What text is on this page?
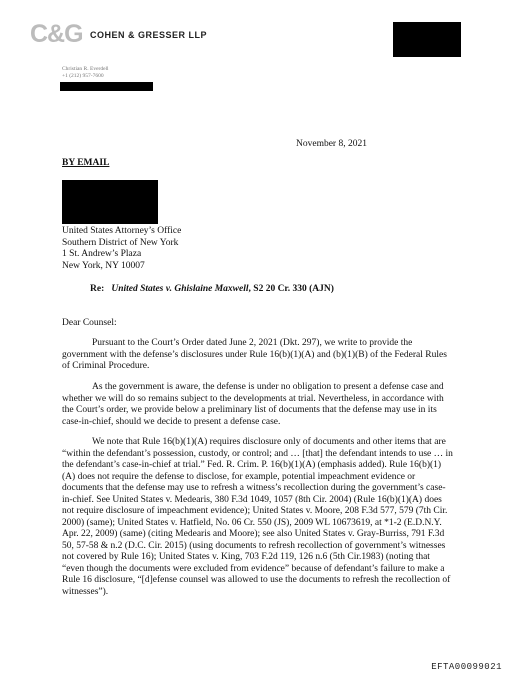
C&G COHEN & GRESSER LLP
Christian R. Everdell
+1 (212) 957-7600
November 8, 2021
BY EMAIL
United States Attorney’s Office
Southern District of New York
1 St. Andrew’s Plaza
New York, NY 10007
Re: United States v. Ghislaine Maxwell, S2 20 Cr. 330 (AJN)
Dear Counsel:
Pursuant to the Court’s Order dated June 2, 2021 (Dkt. 297), we write to provide the government with the defense’s disclosures under Rule 16(b)(1)(A) and (b)(1)(B) of the Federal Rules of Criminal Procedure.
As the government is aware, the defense is under no obligation to present a defense case and whether we will do so remains subject to the developments at trial. Nevertheless, in accordance with the Court’s order, we provide below a preliminary list of documents that the defense may use in its case-in-chief, should we decide to present a defense case.
We note that Rule 16(b)(1)(A) requires disclosure only of documents and other items that are “within the defendant’s possession, custody, or control; and … [that] the defendant intends to use … in the defendant’s case-in-chief at trial.” Fed. R. Crim. P. 16(b)(1)(A) (emphasis added). Rule 16(b)(1)(A) does not require the defense to disclose, for example, potential impeachment evidence or documents that the defense may use to refresh a witness’s recollection during the government’s case-in-chief. See United States v. Medearis, 380 F.3d 1049, 1057 (8th Cir. 2004) (Rule 16(b)(1)(A) does not require disclosure of impeachment evidence); United States v. Moore, 208 F.3d 577, 579 (7th Cir. 2000) (same); United States v. Hatfield, No. 06 Cr. 550 (JS), 2009 WL 10673619, at *1-2 (E.D.N.Y. Apr. 22, 2009) (same) (citing Medearis and Moore); see also United States v. Gray-Burriss, 791 F.3d 50, 57-58 & n.2 (D.C. Cir. 2015) (using documents to refresh recollection of government’s witnesses not covered by Rule 16); United States v. King, 703 F.2d 119, 126 n.6 (5th Cir.1983) (noting that “even though the documents were excluded from evidence” because of defendant’s failure to make a Rule 16 disclosure, “[d]efense counsel was allowed to use the documents to refresh the recollection of witnesses”).
EFTA00099021
